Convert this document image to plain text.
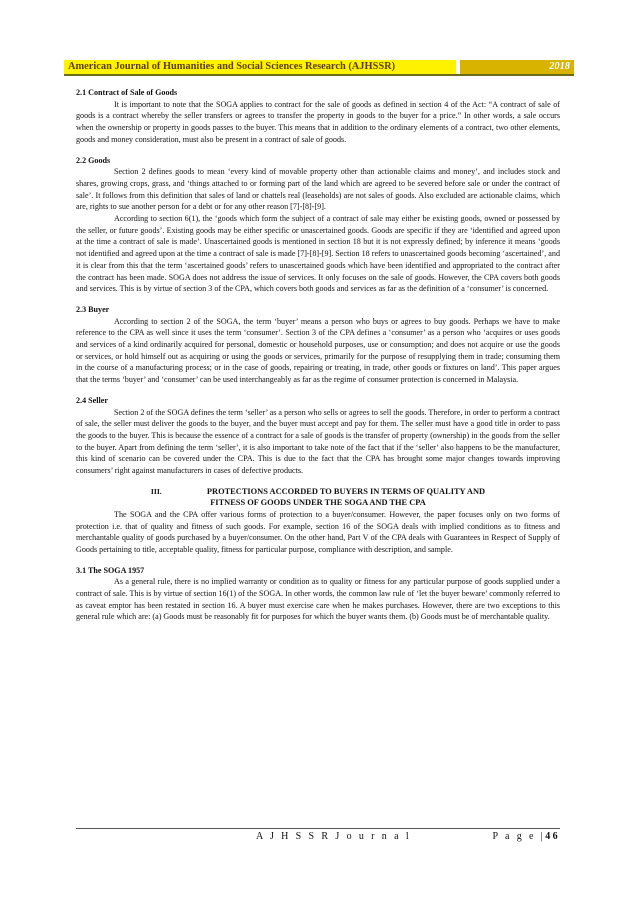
American Journal of Humanities and Social Sciences Research (AJHSSR)	2018
2.1 Contract of Sale of Goods

It is important to note that the SOGA applies to contract for the sale of goods as defined in section 4 of the Act: “A contract of sale of goods is a contract whereby the seller transfers or agrees to transfer the property in goods to the buyer for a price.” In other words, a sale occurs when the ownership or property in goods passes to the buyer. This means that in addition to the ordinary elements of a contract, two other elements, goods and money consideration, must also be present in a contract of sale of goods.

2.2 Goods

Section 2 defines goods to mean ‘every kind of movable property other than actionable claims and money’, and includes stock and shares, growing crops, grass, and ‘things attached to or forming part of the land which are agreed to be severed before sale or under the contract of sale’. It follows from this definition that sales of land or chattels real (leaseholds) are not sales of goods. Also excluded are actionable claims, which are, rights to sue another person for a debt or for any other reason [7]-[8]-[9].

According to section 6(1), the ‘goods which form the subject of a contract of sale may either be existing goods, owned or possessed by the seller, or future goods’. Existing goods may be either specific or unascertained goods. Goods are specific if they are ‘identified and agreed upon at the time a contract of sale is made’. Unascertained goods is mentioned in section 18 but it is not expressly defined; by inference it means ‘goods not identified and agreed upon at the time a contract of sale is made [7]-[8]-[9]. Section 18 refers to unascertained goods becoming ‘ascertained’, and it is clear from this that the term ‘ascertained goods’ refers to unascertained goods which have been identified and appropriated to the contract after the contract has been made. SOGA does not address the issue of services. It only focuses on the sale of goods. However, the CPA covers both goods and services. This is by virtue of section 3 of the CPA, which covers both goods and services as far as the definition of a ‘consumer’ is concerned.

2.3 Buyer

According to section 2 of the SOGA, the term ‘buyer’ means a person who buys or agrees to buy goods. Perhaps we have to make reference to the CPA as well since it uses the term ‘consumer’. Section 3 of the CPA defines a ‘consumer’ as a person who ‘acquires or uses goods and services of a kind ordinarily acquired for personal, domestic or household purposes, use or consumption; and does not acquire or use the goods or services, or hold himself out as acquiring or using the goods or services, primarily for the purpose of resupplying them in trade; consuming them in the course of a manufacturing process; or in the case of goods, repairing or treating, in trade, other goods or fixtures on land’. This paper argues that the terms ‘buyer’ and ‘consumer’ can be used interchangeably as far as the regime of consumer protection is concerned in Malaysia.

2.4 Seller

Section 2 of the SOGA defines the term ‘seller’ as a person who sells or agrees to sell the goods. Therefore, in order to perform a contract of sale, the seller must deliver the goods to the buyer, and the buyer must accept and pay for them. The seller must have a good title in order to pass the goods to the buyer. This is because the essence of a contract for a sale of goods is the transfer of property (ownership) in the goods from the seller to the buyer. Apart from defining the term ‘seller’, it is also important to take note of the fact that if the ‘seller’ also happens to be the manufacturer, this kind of scenario can be covered under the CPA. This is due to the fact that the CPA has brought some major changes towards improving consumers’ right against manufacturers in cases of defective products.

III.	PROTECTIONS ACCORDED TO BUYERS IN TERMS OF QUALITY AND
FITNESS OF GOODS UNDER THE SOGA AND THE CPA

The SOGA and the CPA offer various forms of protection to a buyer/consumer. However, the paper focuses only on two forms of protection i.e. that of quality and fitness of such goods. For example, section 16 of the SOGA deals with implied conditions as to fitness and merchantable quality of goods purchased by a buyer/consumer. On the other hand, Part V of the CPA deals with Guarantees in Respect of Supply of Goods pertaining to title, acceptable quality, fitness for particular purpose, compliance with description, and sample.

3.1 The SOGA 1957

As a general rule, there is no implied warranty or condition as to quality or fitness for any particular purpose of goods supplied under a contract of sale. This is by virtue of section 16(1) of the SOGA. In other words, the common law rule of ‘let the buyer beware’ commonly referred to as caveat emptor has been restated in section 16. A buyer must exercise care when he makes purchases. However, there are two exceptions to this general rule which are: (a) Goods must be reasonably fit for purposes for which the buyer wants them. (b) Goods must be of merchantable quality.

A J H S S R J o u r n a l	P a g e |46
